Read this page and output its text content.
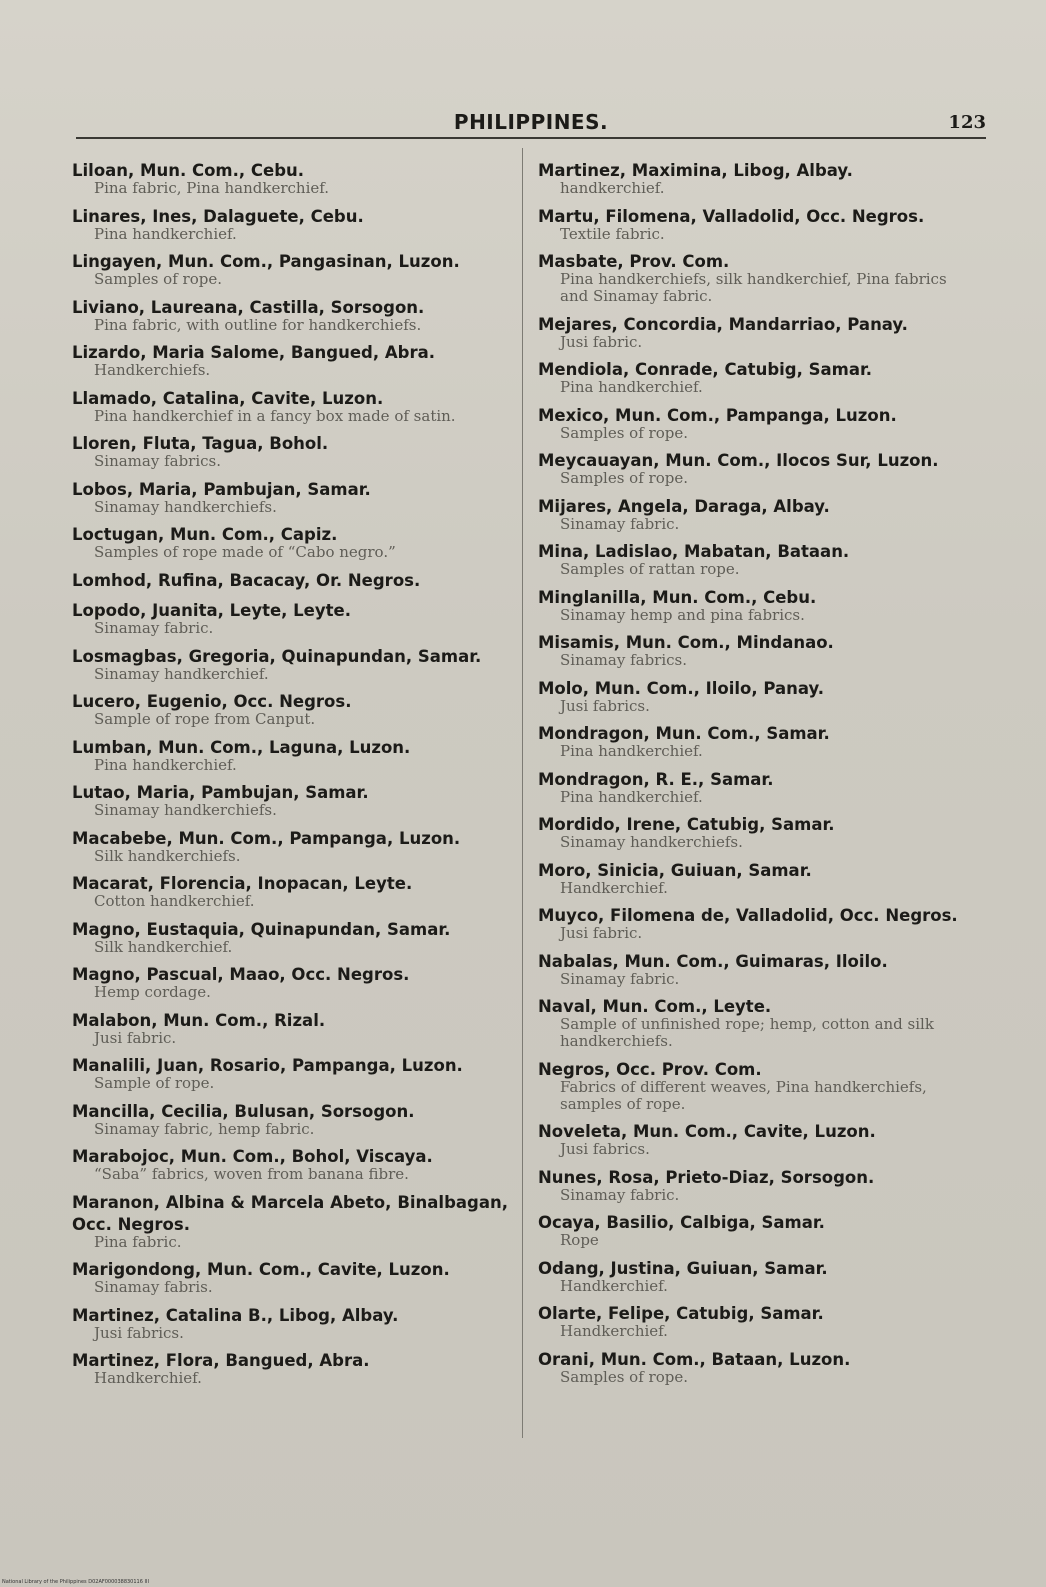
PHILIPPINES.	123
Liloan, Mun. Com., Cebu.
Pina fabric, Pina handkerchief.
Linares, Ines, Dalaguete, Cebu.
Pina handkerchief.
Lingayen, Mun. Com., Pangasinan, Luzon.
Samples of rope.
Liviano, Laureana, Castilla, Sorsogon.
Pina fabric, with outline for handkerchiefs.
Lizardo, Maria Salome, Bangued, Abra.
Handkerchiefs.
Llamado, Catalina, Cavite, Luzon.
Pina handkerchief in a fancy box made of satin.
Lloren, Fluta, Tagua, Bohol.
Sinamay fabrics.
Lobos, Maria, Pambujan, Samar.
Sinamay handkerchiefs.
Loctugan, Mun. Com., Capiz.
Samples of rope made of “Cabo negro.”
Lomhod, Rufina, Bacacay, Or. Negros.
Lopodo, Juanita, Leyte, Leyte.
Sinamay fabric.
Losmagbas, Gregoria, Quinapundan, Samar.
Sinamay handkerchief.
Lucero, Eugenio, Occ. Negros.
Sample of rope from Canput.
Lumban, Mun. Com., Laguna, Luzon.
Pina handkerchief.
Lutao, Maria, Pambujan, Samar.
Sinamay handkerchiefs.
Macabebe, Mun. Com., Pampanga, Luzon.
Silk handkerchiefs.
Macarat, Florencia, Inopacan, Leyte.
Cotton handkerchief.
Magno, Eustaquia, Quinapundan, Samar.
Silk handkerchief.
Magno, Pascual, Maao, Occ. Negros.
Hemp cordage.
Malabon, Mun. Com., Rizal.
Jusi fabric.
Manalili, Juan, Rosario, Pampanga, Luzon.
Sample of rope.
Mancilla, Cecilia, Bulusan, Sorsogon.
Sinamay fabric, hemp fabric.
Marabojoc, Mun. Com., Bohol, Viscaya.
“Saba” fabrics, woven from banana fibre.
Maranon, Albina & Marcela Abeto, Binalbagan, Occ. Negros.
Pina fabric.
Marigondong, Mun. Com., Cavite, Luzon.
Sinamay fabris.
Martinez, Catalina B., Libog, Albay.
Jusi fabrics.
Martinez, Flora, Bangued, Abra.
Handkerchief.
Martinez, Maximina, Libog, Albay.
handkerchief.
Martu, Filomena, Valladolid, Occ. Negros.
Textile fabric.
Masbate, Prov. Com.
Pina handkerchiefs, silk handkerchief, Pina fabrics and Sinamay fabric.
Mejares, Concordia, Mandarriao, Panay.
Jusi fabric.
Mendiola, Conrade, Catubig, Samar.
Pina handkerchief.
Mexico, Mun. Com., Pampanga, Luzon.
Samples of rope.
Meycauayan, Mun. Com., Ilocos Sur, Luzon.
Samples of rope.
Mijares, Angela, Daraga, Albay.
Sinamay fabric.
Mina, Ladislao, Mabatan, Bataan.
Samples of rattan rope.
Minglanilla, Mun. Com., Cebu.
Sinamay hemp and pina fabrics.
Misamis, Mun. Com., Mindanao.
Sinamay fabrics.
Molo, Mun. Com., Iloilo, Panay.
Jusi fabrics.
Mondragon, Mun. Com., Samar.
Pina handkerchief.
Mondragon, R. E., Samar.
Pina handkerchief.
Mordido, Irene, Catubig, Samar.
Sinamay handkerchiefs.
Moro, Sinicia, Guiuan, Samar.
Handkerchief.
Muyco, Filomena de, Valladolid, Occ. Negros.
Jusi fabric.
Nabalas, Mun. Com., Guimaras, Iloilo.
Sinamay fabric.
Naval, Mun. Com., Leyte.
Sample of unfinished rope; hemp, cotton and silk handkerchiefs.
Negros, Occ. Prov. Com.
Fabrics of different weaves, Pina handkerchiefs, samples of rope.
Noveleta, Mun. Com., Cavite, Luzon.
Jusi fabrics.
Nunes, Rosa, Prieto-Diaz, Sorsogon.
Sinamay fabric.
Ocaya, Basilio, Calbiga, Samar.
Rope
Odang, Justina, Guiuan, Samar.
Handkerchief.
Olarte, Felipe, Catubig, Samar.
Handkerchief.
Orani, Mun. Com., Bataan, Luzon.
Samples of rope.
National Library of the Philippines D02AF000038830116 III
